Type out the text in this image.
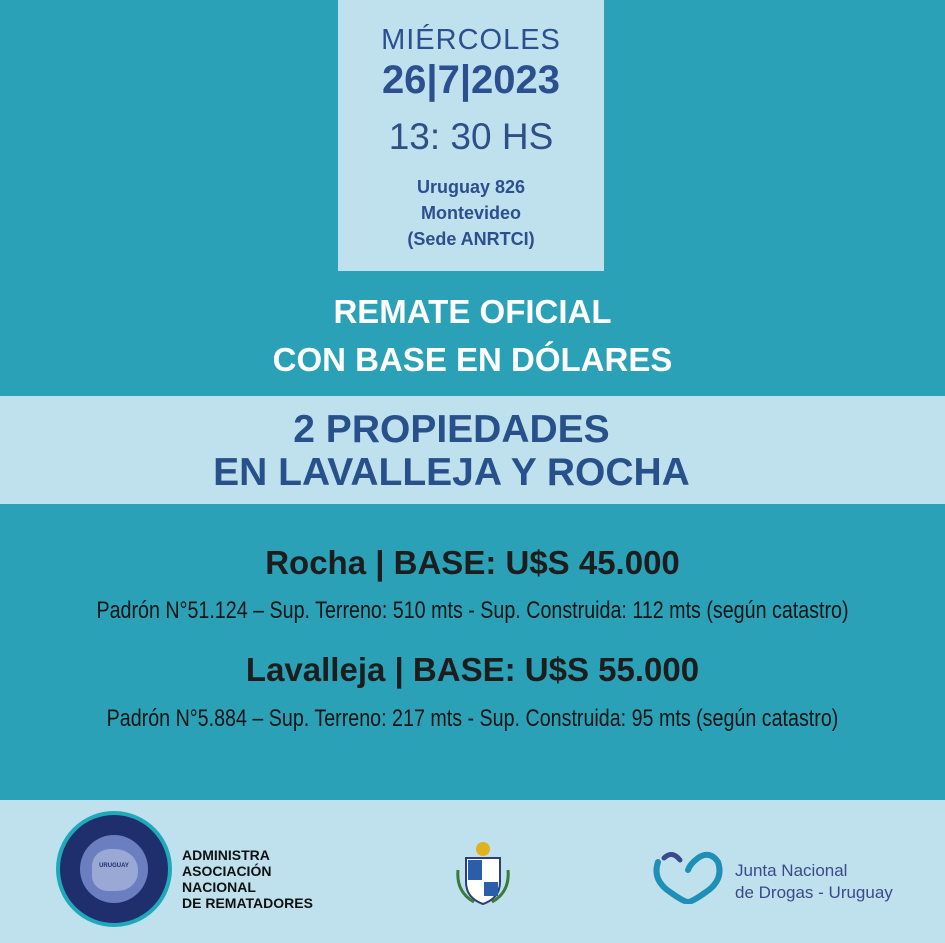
MIÉRCOLES
26|7|2023
13: 30 HS
Uruguay 826
Montevideo
(Sede ANRTCI)
REMATE OFICIAL
CON BASE EN DÓLARES
2 PROPIEDADES
EN LAVALLEJA Y ROCHA
Rocha | BASE: U$S 45.000
Padrón N°51.124 – Sup. Terreno: 510 mts - Sup. Construida: 112 mts (según catastro)
Lavalleja | BASE: U$S 55.000
Padrón N°5.884 – Sup. Terreno: 217 mts - Sup. Construida: 95 mts (según catastro)
URUGUAY
ADMINISTRA
ASOCIACIÓN
NACIONAL
DE REMATADORES
Junta Nacional
de Drogas - Uruguay
